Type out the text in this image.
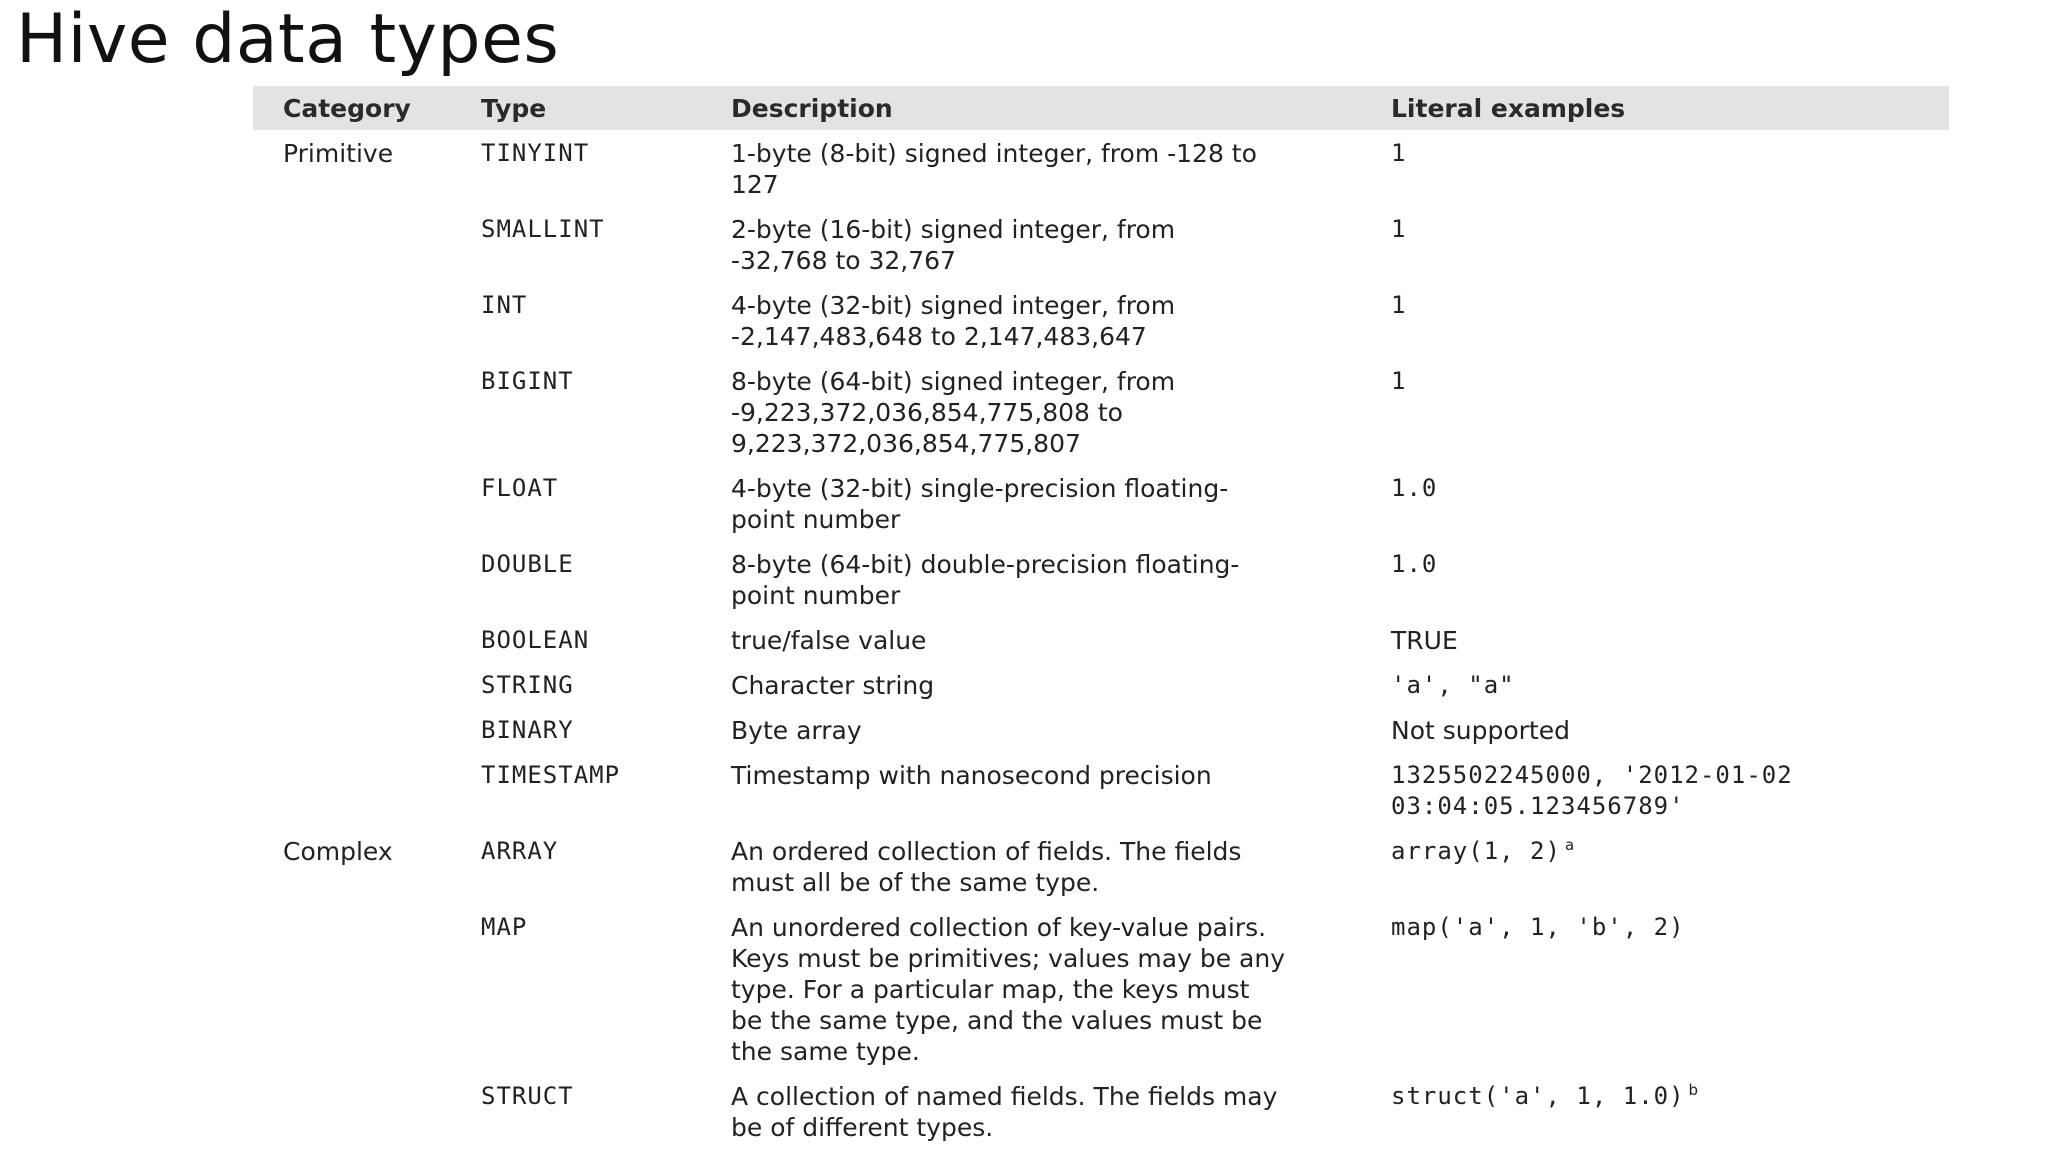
Hive data types
Category	Type	Description	Literal examples
Primitive	TINYINT	1-byte (8-bit) signed integer, from -128 to
127	1
	SMALLINT	2-byte (16-bit) signed integer, from
-32,768 to 32,767	1
	INT	4-byte (32-bit) signed integer, from
-2,147,483,648 to 2,147,483,647	1
	BIGINT	8-byte (64-bit) signed integer, from
-9,223,372,036,854,775,808 to
9,223,372,036,854,775,807	1
	FLOAT	4-byte (32-bit) single-precision floating-
point number	1.0
	DOUBLE	8-byte (64-bit) double-precision floating-
point number	1.0
	BOOLEAN	true/false value	TRUE
	STRING	Character string	'a', "a"
	BINARY	Byte array	Not supported
	TIMESTAMP	Timestamp with nanosecond precision	1325502245000, '2012-01-02
03:04:05.123456789'
Complex	ARRAY	An ordered collection of fields. The fields
must all be of the same type.	array(1, 2) $^a$
	MAP	An unordered collection of key-value pairs.
Keys must be primitives; values may be any
type. For a particular map, the keys must
be the same type, and the values must be
the same type.	map('a', 1, 'b', 2)
	STRUCT	A collection of named fields. The fields may
be of different types.	struct('a', 1, 1.0) $^b$
